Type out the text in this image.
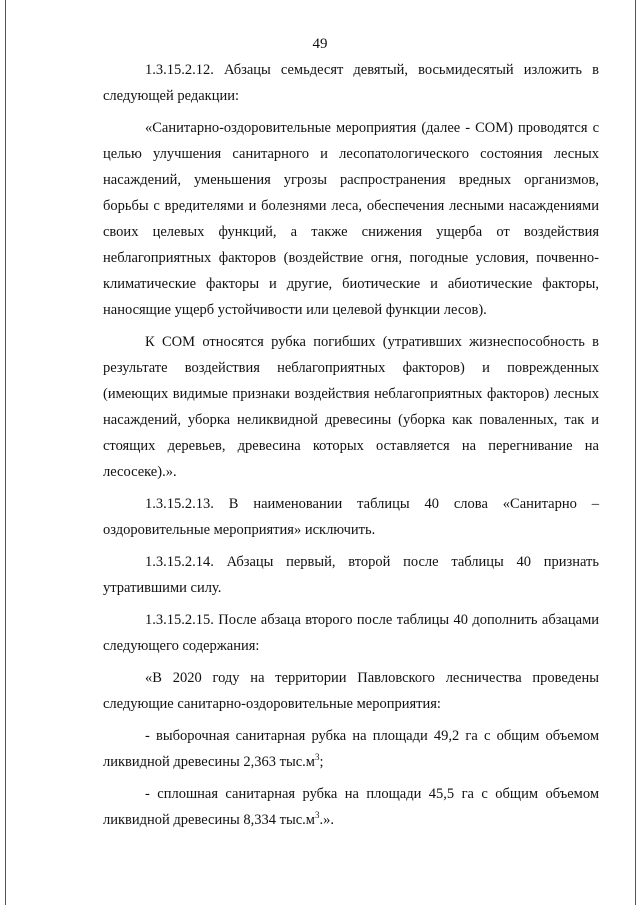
49

1.3.15.2.12. Абзацы семьдесят девятый, восьмидесятый изложить в следующей редакции:

«Санитарно-оздоровительные мероприятия (далее - СОМ) проводятся с целью улучшения санитарного и лесопатологического состояния лесных насаждений, уменьшения угрозы распространения вредных организмов, борьбы с вредителями и болезнями леса, обеспечения лесными насаждениями своих целевых функций, а также снижения ущерба от воздействия неблагоприятных факторов (воздействие огня, погодные условия, почвенно-климатические факторы и другие, биотические и абиотические факторы, наносящие ущерб устойчивости или целевой функции лесов).

К СОМ относятся рубка погибших (утративших жизнеспособность в результате воздействия неблагоприятных факторов) и поврежденных (имеющих видимые признаки воздействия неблагоприятных факторов) лесных насаждений, уборка неликвидной древесины (уборка как поваленных, так и стоящих деревьев, древесина которых оставляется на перегнивание на лесосеке).».

1.3.15.2.13. В наименовании таблицы 40 слова «Санитарно – оздоровительные мероприятия» исключить.

1.3.15.2.14. Абзацы первый, второй после таблицы 40 признать утратившими силу.

1.3.15.2.15. После абзаца второго после таблицы 40 дополнить абзацами следующего содержания:

«В 2020 году на территории Павловского лесничества проведены следующие санитарно-оздоровительные мероприятия:

- выборочная санитарная рубка на площади 49,2 га с общим объемом ликвидной древесины 2,363 $тыс.м^3$;

- сплошная санитарная рубка на площади 45,5 га с общим объемом ликвидной древесины 8,334 $тыс.м^3$.».
